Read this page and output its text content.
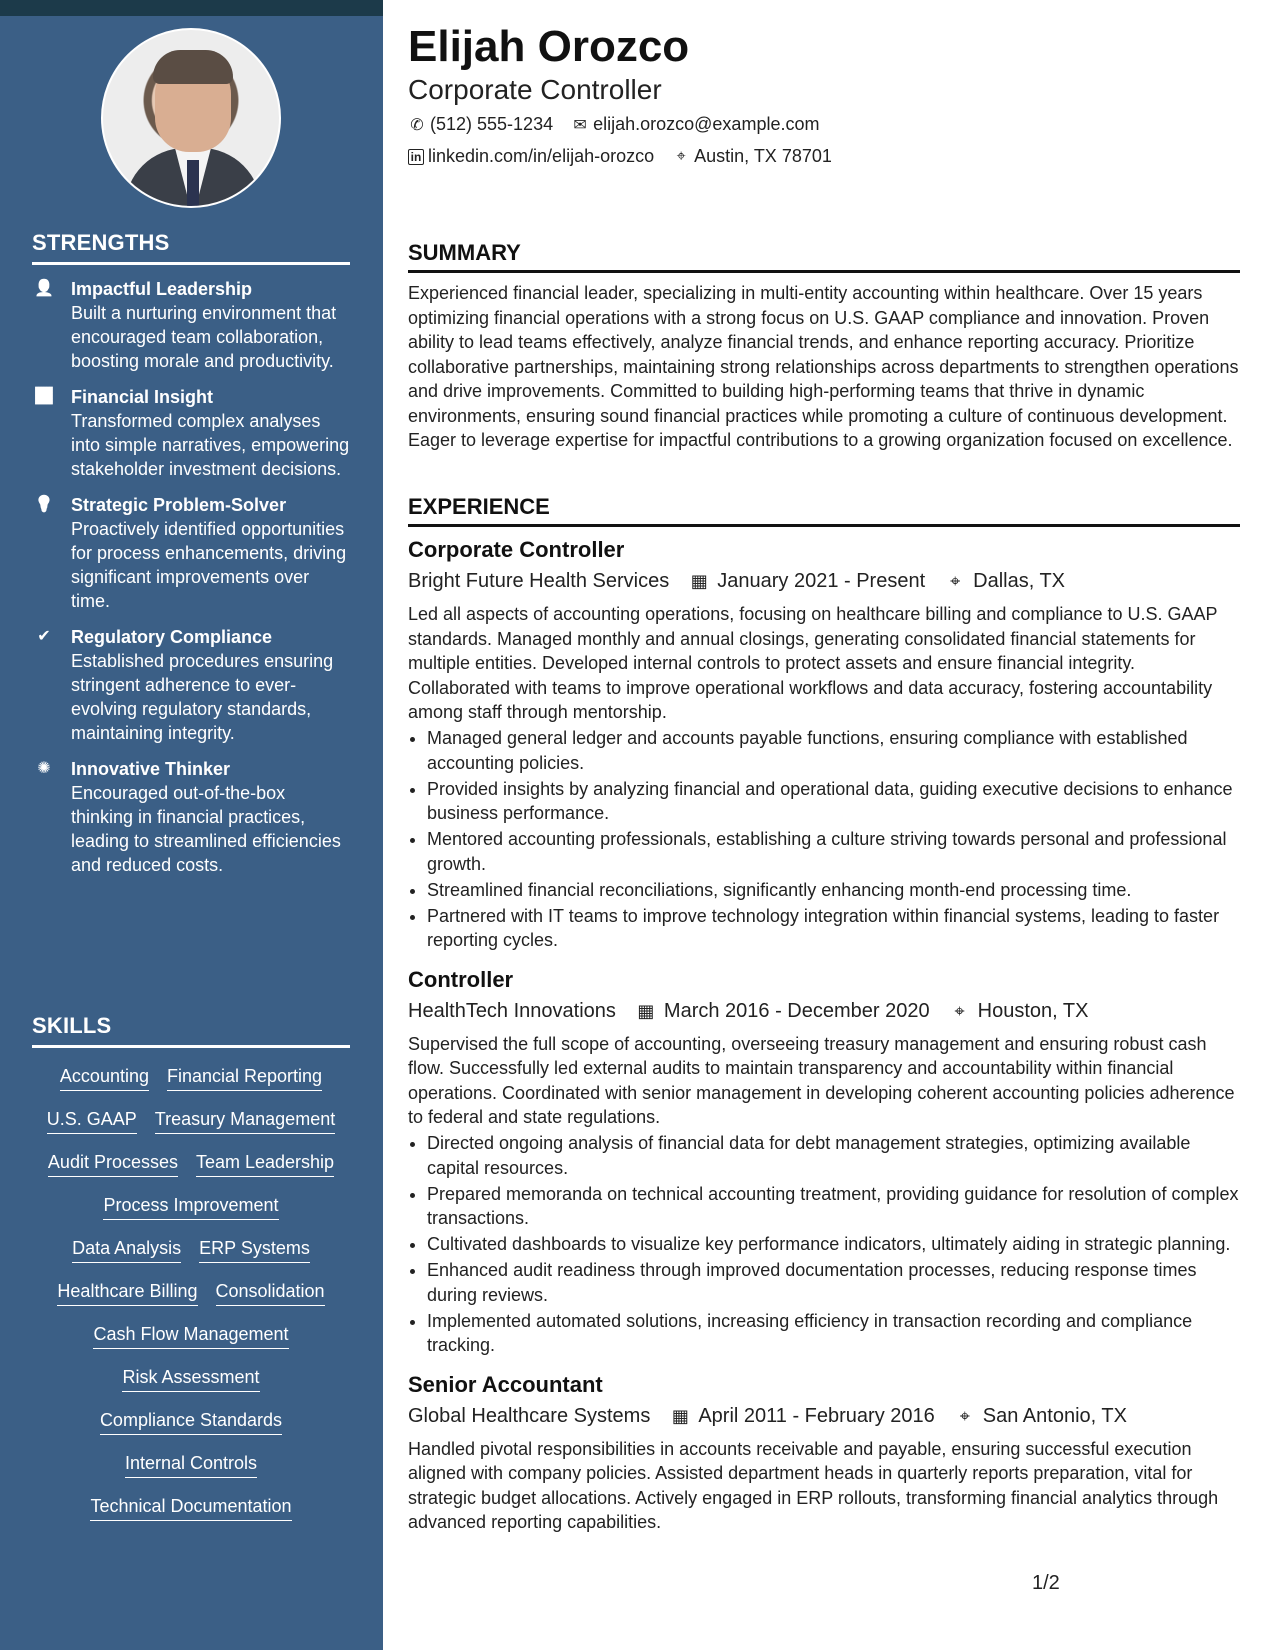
STRENGTHS
👤 Impactful Leadership
Built a nurturing environment that encouraged team collaboration, boosting morale and productivity.
📈 Financial Insight
Transformed complex analyses into simple narratives, empowering stakeholder investment decisions.
💡 Strategic Problem-Solver
Proactively identified opportunities for process enhancements, driving significant improvements over time.
✔ Regulatory Compliance
Established procedures ensuring stringent adherence to ever-evolving regulatory standards, maintaining integrity.
✺ Innovative Thinker
Encouraged out-of-the-box thinking in financial practices, leading to streamlined efficiencies and reduced costs.
SKILLS
Accounting Financial Reporting
U.S. GAAP Treasury Management
Audit Processes Team Leadership
Process Improvement
Data Analysis ERP Systems
Healthcare Billing Consolidation
Cash Flow Management
Risk Assessment
Compliance Standards
Internal Controls
Technical Documentation
Elijah Orozco
Corporate Controller
✆ (512) 555-1234 ✉ elijah.orozco@example.com
in linkedin.com/in/elijah-orozco ⌖ Austin, TX 78701
SUMMARY
Experienced financial leader, specializing in multi-entity accounting within healthcare. Over 15 years optimizing financial operations with a strong focus on U.S. GAAP compliance and innovation. Proven ability to lead teams effectively, analyze financial trends, and enhance reporting accuracy. Prioritize collaborative partnerships, maintaining strong relationships across departments to strengthen operations and drive improvements. Committed to building high-performing teams that thrive in dynamic environments, ensuring sound financial practices while promoting a culture of continuous development. Eager to leverage expertise for impactful contributions to a growing organization focused on excellence.
EXPERIENCE
Corporate Controller
Bright Future Health Services ▦ January 2021 - Present ⌖ Dallas, TX
Led all aspects of accounting operations, focusing on healthcare billing and compliance to U.S. GAAP standards. Managed monthly and annual closings, generating consolidated financial statements for multiple entities. Developed internal controls to protect assets and ensure financial integrity. Collaborated with teams to improve operational workflows and data accuracy, fostering accountability among staff through mentorship.
• Managed general ledger and accounts payable functions, ensuring compliance with established accounting policies.
• Provided insights by analyzing financial and operational data, guiding executive decisions to enhance business performance.
• Mentored accounting professionals, establishing a culture striving towards personal and professional growth.
• Streamlined financial reconciliations, significantly enhancing month-end processing time.
• Partnered with IT teams to improve technology integration within financial systems, leading to faster reporting cycles.
Controller
HealthTech Innovations ▦ March 2016 - December 2020 ⌖ Houston, TX
Supervised the full scope of accounting, overseeing treasury management and ensuring robust cash flow. Successfully led external audits to maintain transparency and accountability within financial operations. Coordinated with senior management in developing coherent accounting policies adherence to federal and state regulations.
• Directed ongoing analysis of financial data for debt management strategies, optimizing available capital resources.
• Prepared memoranda on technical accounting treatment, providing guidance for resolution of complex transactions.
• Cultivated dashboards to visualize key performance indicators, ultimately aiding in strategic planning.
• Enhanced audit readiness through improved documentation processes, reducing response times during reviews.
• Implemented automated solutions, increasing efficiency in transaction recording and compliance tracking.
Senior Accountant
Global Healthcare Systems ▦ April 2011 - February 2016 ⌖ San Antonio, TX
Handled pivotal responsibilities in accounts receivable and payable, ensuring successful execution aligned with company policies. Assisted department heads in quarterly reports preparation, vital for strategic budget allocations. Actively engaged in ERP rollouts, transforming financial analytics through advanced reporting capabilities.
1/2
